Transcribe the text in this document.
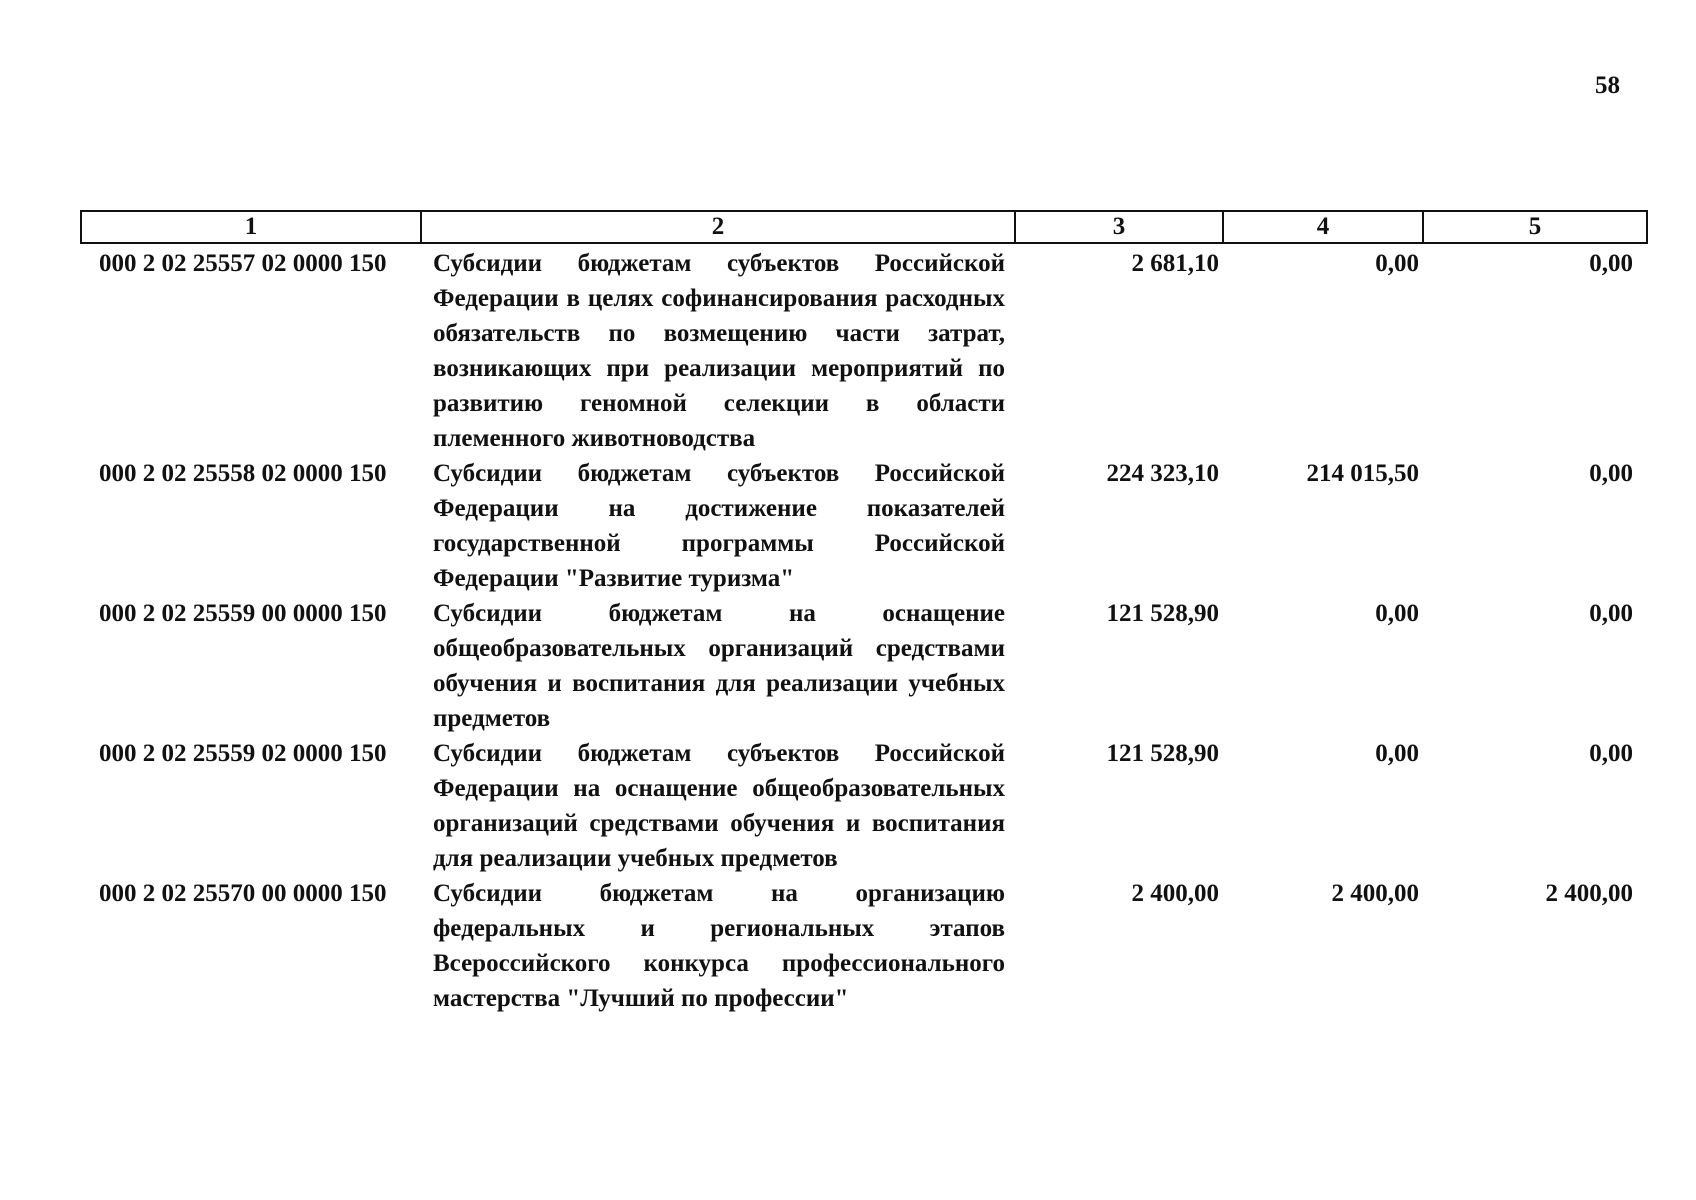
58
1	2	3	4	5
000 2 02 25557 02 0000 150	Субсидии бюджетам субъектов Российской Федерации в целях софинансирования расходных обязательств по возмещению части затрат, возникающих при реализации мероприятий по развитию геномной селекции в области племенного животноводства	2 681,10	0,00	0,00
000 2 02 25558 02 0000 150	Субсидии бюджетам субъектов Российской Федерации на достижение показателей государственной программы Российской Федерации "Развитие туризма"	224 323,10	214 015,50	0,00
000 2 02 25559 00 0000 150	Субсидии бюджетам на оснащение общеобразовательных организаций средствами обучения и воспитания для реализации учебных предметов	121 528,90	0,00	0,00
000 2 02 25559 02 0000 150	Субсидии бюджетам субъектов Российской Федерации на оснащение общеобразовательных организаций средствами обучения и воспитания для реализации учебных предметов	121 528,90	0,00	0,00
000 2 02 25570 00 0000 150	Субсидии бюджетам на организацию федеральных и региональных этапов Всероссийского конкурса профессионального мастерства "Лучший по профессии"	2 400,00	2 400,00	2 400,00
